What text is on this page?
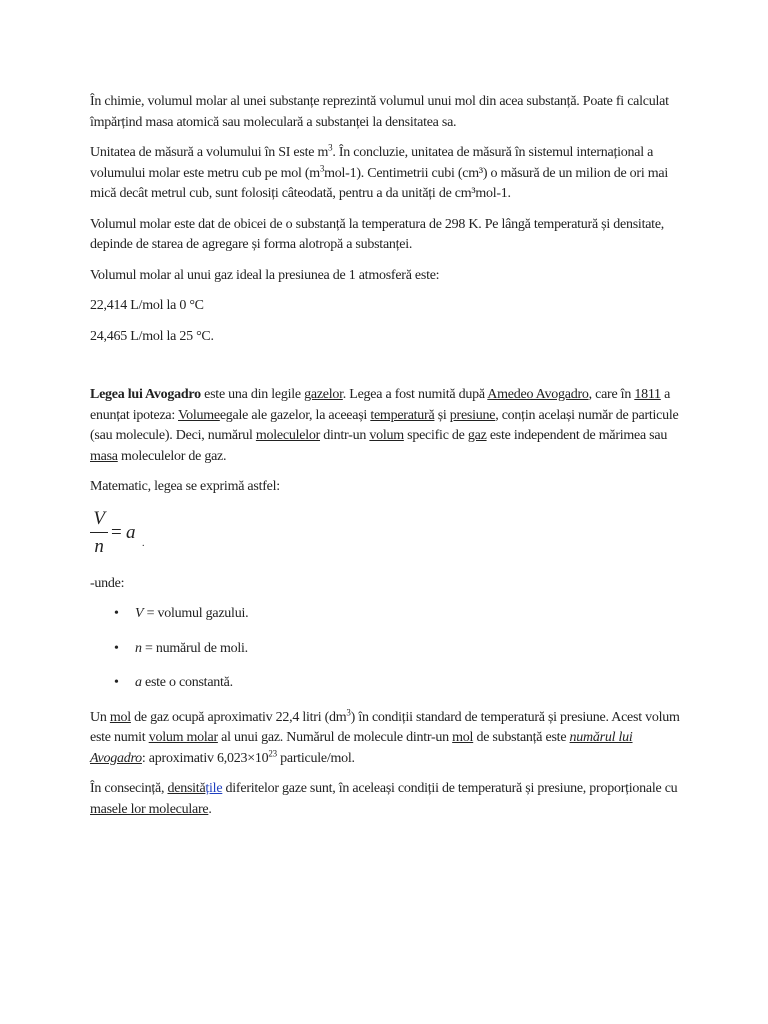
În chimie, volumul molar al unei substanțe reprezintă volumul unui mol din acea substanță. Poate fi calculat împărțind masa atomică sau moleculară a substanței la densitatea sa.

Unitatea de măsură a volumului în SI este $m^3$. În concluzie, unitatea de măsură în sistemul internațional a volumului molar este metru cub pe mol $(m^3mol-1)$. Centimetrii cubi (cm³) o măsură de un milion de ori mai mică decât metrul cub, sunt folosiți câteodată, pentru a da unități de cm³mol-1.

Volumul molar este dat de obicei de o substanță la temperatura de 298 K. Pe lângă temperatură și densitate, depinde de starea de agregare și forma alotropă a substanței.

Volumul molar al unui gaz ideal la presiunea de 1 atmosferă este:

22,414 L/mol la 0 °C

24,465 L/mol la 25 °C.

Legea lui Avogadro este una din legile gazelor. Legea a fost numită după Amedeo Avogadro, care în 1811 a enunțat ipoteza: Volumeegale ale gazelor, la aceeași temperatură și presiune, conțin același număr de particule (sau molecule). Deci, numărul moleculelor dintr-un volum specific de gaz este independent de mărimea sau masa moleculelor de gaz.

Matematic, legea se exprimă astfel:

V
n
= a
.

-unde:

• V = volumul gazului.
• n = numărul de moli.
• a este o constantă.

Un mol de gaz ocupă aproximativ 22,4 litri $(dm^3)$ în condiții standard de temperatură și presiune. Acest volum este numit volum molar al unui gaz. Numărul de molecule dintr-un mol de substanță este numărul lui Avogadro: aproximativ $6,023\times 10^{23}$ particule/mol.

În consecință, densitățile diferitelor gaze sunt, în aceleași condiții de temperatură și presiune, proporționale cu masele lor moleculare.
